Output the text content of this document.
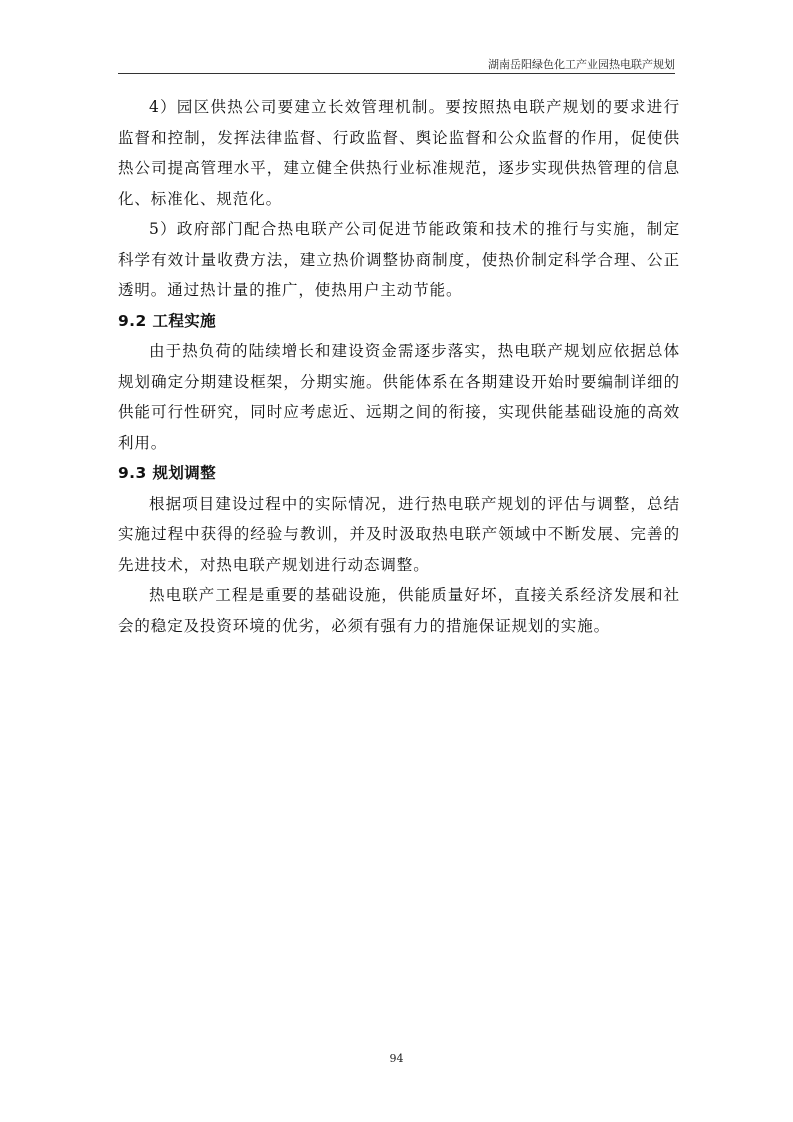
湖南岳阳绿色化工产业园热电联产规划

4）园区供热公司要建立长效管理机制。要按照热电联产规划的要求进行监督和控制，发挥法律监督、行政监督、舆论监督和公众监督的作用，促使供热公司提高管理水平，建立健全供热行业标准规范，逐步实现供热管理的信息化、标准化、规范化。

5）政府部门配合热电联产公司促进节能政策和技术的推行与实施，制定科学有效计量收费方法，建立热价调整协商制度，使热价制定科学合理、公正透明。通过热计量的推广，使热用户主动节能。

9.2 工程实施

由于热负荷的陆续增长和建设资金需逐步落实，热电联产规划应依据总体规划确定分期建设框架，分期实施。供能体系在各期建设开始时要编制详细的供能可行性研究，同时应考虑近、远期之间的衔接，实现供能基础设施的高效利用。

9.3 规划调整

根据项目建设过程中的实际情况，进行热电联产规划的评估与调整，总结实施过程中获得的经验与教训，并及时汲取热电联产领域中不断发展、完善的先进技术，对热电联产规划进行动态调整。

热电联产工程是重要的基础设施，供能质量好坏，直接关系经济发展和社会的稳定及投资环境的优劣，必须有强有力的措施保证规划的实施。

94
